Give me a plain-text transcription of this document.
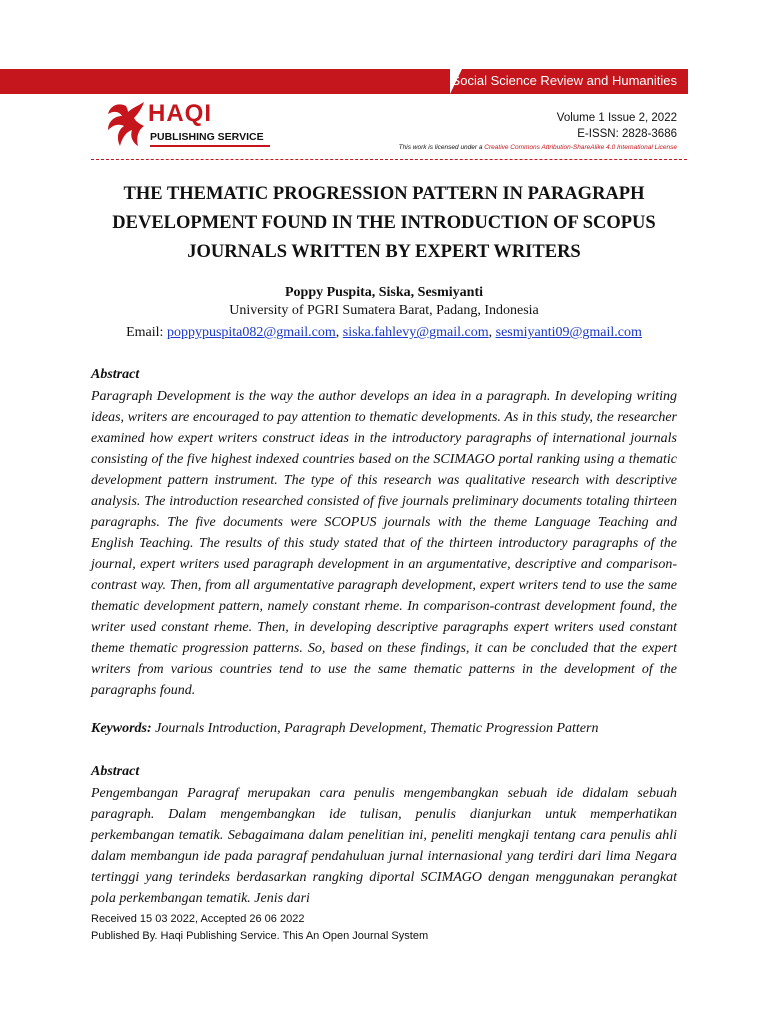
Social Science Review and Humanities
HAQI
PUBLISHING SERVICE
Volume 1 Issue 2, 2022
E-ISSN: 2828-3686
This work is licensed under a Creative Commons Attribution-ShareAlike 4.0 International License
THE THEMATIC PROGRESSION PATTERN IN PARAGRAPH DEVELOPMENT FOUND IN THE INTRODUCTION OF SCOPUS JOURNALS WRITTEN BY EXPERT WRITERS
Poppy Puspita, Siska, Sesmiyanti
University of PGRI Sumatera Barat, Padang, Indonesia
Email: poppypuspita082@gmail.com, siska.fahlevy@gmail.com, sesmiyanti09@gmail.com
Abstract
Paragraph Development is the way the author develops an idea in a paragraph. In developing writing ideas, writers are encouraged to pay attention to thematic developments. As in this study, the researcher examined how expert writers construct ideas in the introductory paragraphs of international journals consisting of the five highest indexed countries based on the SCIMAGO portal ranking using a thematic development pattern instrument. The type of this research was qualitative research with descriptive analysis. The introduction researched consisted of five journals preliminary documents totaling thirteen paragraphs. The five documents were SCOPUS journals with the theme Language Teaching and English Teaching. The results of this study stated that of the thirteen introductory paragraphs of the journal, expert writers used paragraph development in an argumentative, descriptive and comparison-contrast way. Then, from all argumentative paragraph development, expert writers tend to use the same thematic development pattern, namely constant rheme. In comparison-contrast development found, the writer used constant rheme. Then, in developing descriptive paragraphs expert writers used constant theme thematic progression patterns. So, based on these findings, it can be concluded that the expert writers from various countries tend to use the same thematic patterns in the development of the paragraphs found.
Keywords: Journals Introduction, Paragraph Development, Thematic Progression Pattern
Abstract
Pengembangan Paragraf merupakan cara penulis mengembangkan sebuah ide didalam sebuah paragraph. Dalam mengembangkan ide tulisan, penulis dianjurkan untuk memperhatikan perkembangan tematik. Sebagaimana dalam penelitian ini, peneliti mengkaji tentang cara penulis ahli dalam membangun ide pada paragraf pendahuluan jurnal internasional yang terdiri dari lima Negara tertinggi yang terindeks berdasarkan rangking diportal SCIMAGO dengan menggunakan perangkat pola perkembangan tematik. Jenis dari
Received 15 03 2022, Accepted 26 06 2022
Published By. Haqi Publishing Service. This An Open Journal System
